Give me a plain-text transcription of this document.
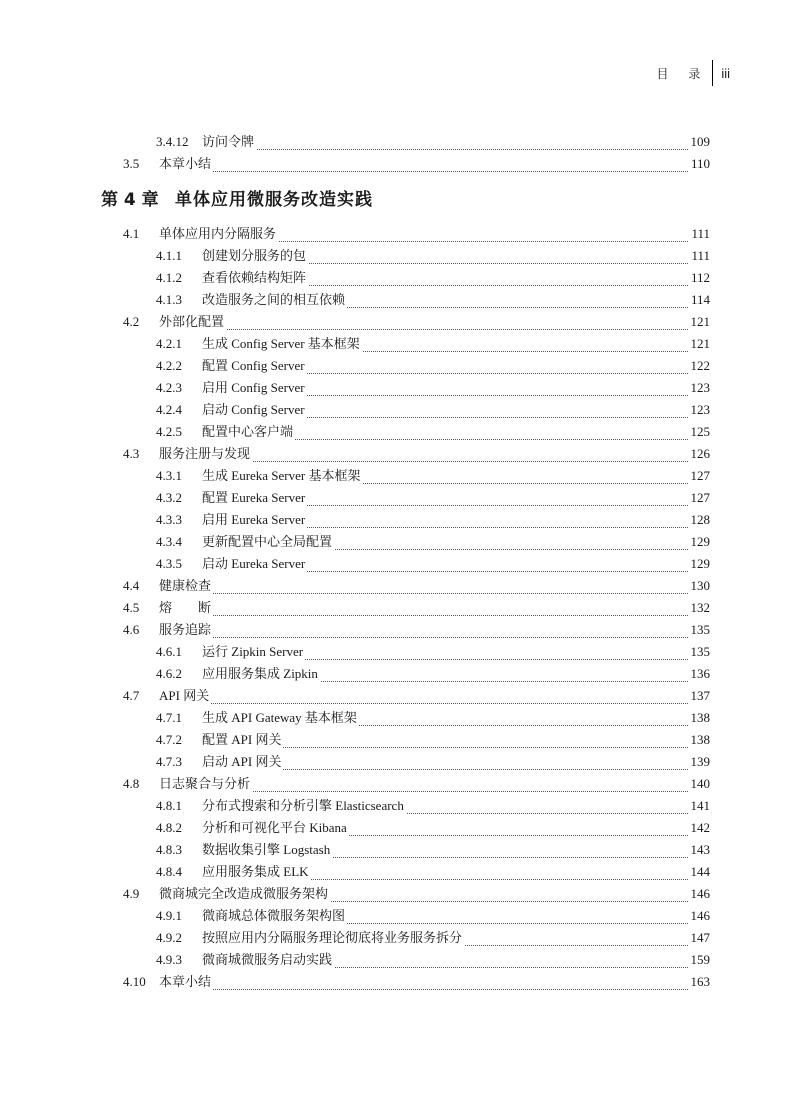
目 录 iii
3.4.12 访问令牌	109
3.5 本章小结	110
第 4 章 单体应用微服务改造实践
4.1 单体应用内分隔服务	111
4.1.1 创建划分服务的包	111
4.1.2 查看依赖结构矩阵	112
4.1.3 改造服务之间的相互依赖	114
4.2 外部化配置	121
4.2.1 生成 Config Server 基本框架	121
4.2.2 配置 Config Server	122
4.2.3 启用 Config Server	123
4.2.4 启动 Config Server	123
4.2.5 配置中心客户端	125
4.3 服务注册与发现	126
4.3.1 生成 Eureka Server 基本框架	127
4.3.2 配置 Eureka Server	127
4.3.3 启用 Eureka Server	128
4.3.4 更新配置中心全局配置	129
4.3.5 启动 Eureka Server	129
4.4 健康检查	130
4.5 熔　　断	132
4.6 服务追踪	135
4.6.1 运行 Zipkin Server	135
4.6.2 应用服务集成 Zipkin	136
4.7 API 网关	137
4.7.1 生成 API Gateway 基本框架	138
4.7.2 配置 API 网关	138
4.7.3 启动 API 网关	139
4.8 日志聚合与分析	140
4.8.1 分布式搜索和分析引擎 Elasticsearch	141
4.8.2 分析和可视化平台 Kibana	142
4.8.3 数据收集引擎 Logstash	143
4.8.4 应用服务集成 ELK	144
4.9 微商城完全改造成微服务架构	146
4.9.1 微商城总体微服务架构图	146
4.9.2 按照应用内分隔服务理论彻底将业务服务拆分	147
4.9.3 微商城微服务启动实践	159
4.10 本章小结	163
